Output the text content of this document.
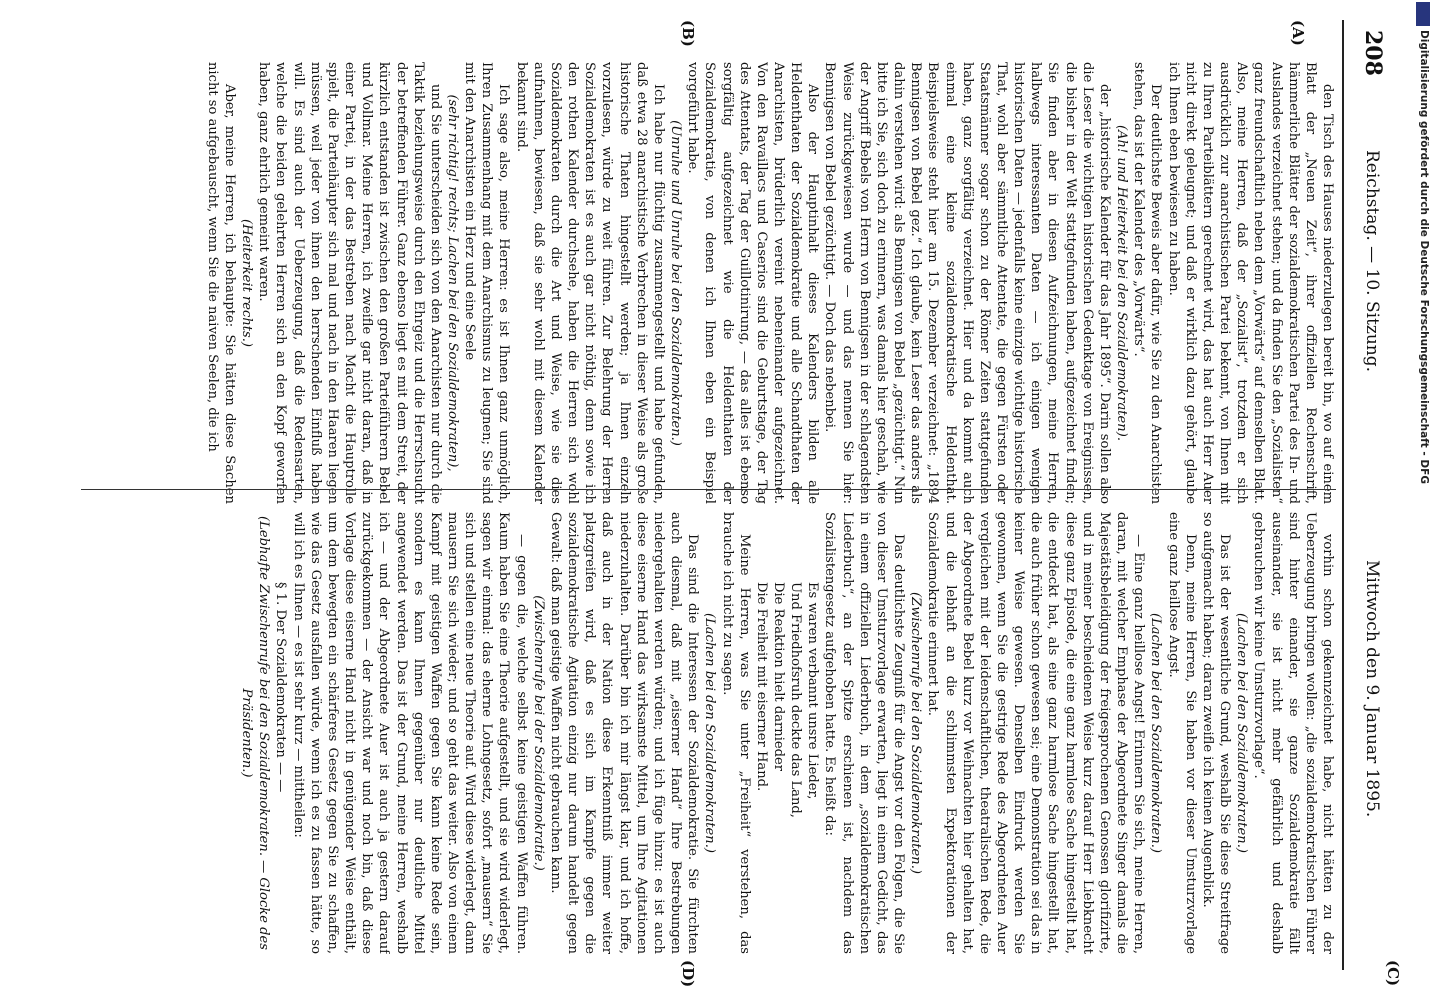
208
Reichstag. — 10. Sitzung.
Mittwoch den 9. Januar 1895.
(A)
(B)
(C)
(D)

den Tisch des Hauses niederzulegen bereit bin, wo auf einem Blatt der „Neuen Zeit“, ihrer offiziellen Rechenschrift, hämmerliche Blätter der sozialdemokratischen Partei des In- und Auslandes verzeichnet stehen; und da finden Sie den „Sozialisten“ ganz freundschaftlich neben dem „Vorwärts“ auf demselben Blatt. Also, meine Herren, daß der „Sozialist“, trotzdem er sich ausdrücklich zur anarchistischen Partei bekennt, von Ihnen mit zu Ihren Parteiblättern gerechnet wird, das hat auch Herr Auer nicht direkt geleugnet; und daß er wirklich dazu gehört, glaube ich Ihnen eben bewiesen zu haben.

Der deutlichste Beweis aber dafür, wie Sie zu den Anarchisten stehen, das ist der Kalender des „Vorwärts“.

(Ah! und Heiterkeit bei den Sozialdemokraten).

der „historische Kalender für das Jahr 1895“. Darin sollen also die Leser die wichtigen historischen Gedenktage von Ereignissen, die bisher in der Welt stattgefunden haben, aufgezeichnet finden; Sie finden aber in diesen Aufzeichnungen, meine Herren, halbwegs interessanten Daten — ich einigen wenigen historischen Daten — jedenfalls keine einzige wichtige historische That, wohl aber sämmtliche Attentate, die gegen Fürsten oder Staatsmänner sogar schon zu der Römer Zeiten stattgefunden haben, ganz sorgfältig verzeichnet. Hier und da kommt auch einmal eine kleine sozialdemokratische Heldenthat. Beispielsweise steht hier am 15. Dezember verzeichnet: „1894 Bennigsen von Bebel gez.“ Ich glaube, kein Leser das anders als dahin verstehen wird: als Bennigsen von Bebel „gezüchtigt.“ Nun bitte ich Sie, sich doch zu erinnern, was damals hier geschah, wie der Angriff Bebels von Herrn von Bennigsen in der schlagendsten Weise zurückgewiesen wurde — und das nennen Sie hier: Bennigsen von Bebel gezüchtigt. — Doch das nebenbei.

Also der Hauptinhalt dieses Kalenders bilden alle Heldenthaten der Sozialdemokratie und alle Schandthaten der Anarchisten, brüderlich vereint nebeneinander aufgezeichnet. Von den Ravaillacs und Caserios sind die Geburtstage, der Tag des Attentats, der Tag der Guillotinirung, — das alles ist ebenso sorgfältig aufgezeichnet wie die Heldenthaten der Sozialdemokratie, von denen ich Ihnen eben ein Beispiel vorgeführt habe.

(Unruhe und Unruhe bei den Sozialdemokraten.)

Ich habe nur flüchtig zusammengestellt und habe gefunden, daß etwa 28 anarchistische Verbrechen in dieser Weise als große historische Thaten hingestellt werden; ja Ihnen einzeln vorzulesen, würde zu weit führen. Zur Belehrung der Herren Sozialdemokraten ist es auch gar nicht nöthig, denn sowie ich den rothen Kalender durchsehe, haben die Herren sich wohl Sozialdemokraten durch die Art und Weise, wie sie dies aufnahmen, bewiesen, daß sie sehr wohl mit diesem Kalender bekannt sind.

Ich sage also, meine Herren: es ist Ihnen ganz unmöglich, Ihren Zusammenhang mit dem Anarchismus zu leugnen; Sie sind mit den Anarchisten ein Herz und eine Seele

(sehr richtig! rechts; Lachen bei den Sozialdemokraten),

und Sie unterscheiden sich von den Anarchisten nur durch die Taktik beziehungsweise durch den Ehrgeiz und die Herrschsucht der betreffenden Führer. Ganz ebenso liegt es mit dem Streit, der kürzlich entstanden ist zwischen den großen Parteiführern Bebel und Vollmar. Meine Herren, ich zweifle gar nicht daran, daß in einer Partei, in der das Bestreben nach Macht die Hauptrolle spielt, die Parteihäupter sich mal und nach in den Haaren liegen müssen, weil jeder von ihnen den herrschenden Einfluß haben will. Es sind auch der Ueberzeugung, daß die Redensarten, welche die beiden gelehrten Herren sich an den Kopf geworfen haben, ganz ehrlich gemeint waren.

(Heiterkeit rechts.)

Aber, meine Herren, ich behaupte: Sie hätten diese Sachen nicht so aufgebauscht, wenn Sie die naiven Seelen, die ich

vorhin schon gekennzeichnet habe, nicht hätten zu der Ueberzeugung bringen wollen: „die sozialdemokratischen Führer sind hinter einander, sie ganze Sozialdemokratie fällt auseinander, sie ist nicht mehr gefährlich und deshalb gebrauchen wir keine Umsturzvorlage“.

(Lachen bei den Sozialdemokraten.)

Das ist der wesentliche Grund, weshalb Sie diese Streitfrage so aufgemacht haben; daran zweifle ich keinen Augenblick.

Denn, meine Herren, Sie haben vor dieser Umsturzvorlage eine ganz heillose Angst.

(Lachen bei den Sozialdemokraten.)

— Eine ganz heillose Angst! Erinnern Sie sich, meine Herren, daran, mit welcher Emphase der Abgeordnete Singer damals die Majestätsbeleidigung der freigesprochenen Genossen glorifizirte, und in meiner bescheidenen Weise kurz darauf Herr Liebknecht diese ganz Episode, die eine ganz harmlose Sache hingestellt hat, die entdeckt hat, als eine ganz harmlose Sache hingestellt hat, die auch früher schon gewesen sei; eine Demonstration sei das in keiner Weise gewesen. Denselben Eindruck werden Sie gewonnen, wenn Sie die gestrige Rede des Abgeordneten Auer vergleichen mit der leidenschaftlichen, theatralischen Rede, die der Abgeordnete Bebel kurz vor Weihnachten hier gehalten hat, und die lebhaft an die schlimmsten Expektorationen der Sozialdemokratie erinnert hat.

(Zwischenrufe bei den Sozialdemokraten.)

Das deutlichste Zeugniß für die Angst vor den Folgen, die Sie von dieser Umsturzvorlage erwarten, liegt in einem Gedicht, das in einem offiziellen Liederbuch, in dem „sozialdemokratischen Liederbuch“, an der Spitze erschienen ist, nachdem das Sozialistengesetz aufgehoben hatte. Es heißt da:

Es waren verbannt unsre Lieder,

Und Friedhofsruh deckte das Land,

Die Reaktion hielt darnieder

Die Freiheit mit eiserner Hand.

Meine Herren, was Sie unter „Freiheit“ verstehen, das brauche ich nicht zu sagen.

(Lachen bei den Sozialdemokraten.)

Das sind die Interessen der Sozialdemokratie. Sie fürchten auch diesmal, daß mit „eiserner Hand“ Ihre Bestrebungen niedergehalten werden würden; und ich füge hinzu: es ist auch diese eiserne Hand das wirksamste Mittel, um Ihre Agitationen niederzuhalten. Darüber bin ich mir längst klar, und ich hoffe, daß auch in der Nation diese Erkenntniß immer weiter platzgreifen wird, daß es sich im Kampfe gegen die sozialdemokratische Agitation einzig nur darum handelt gegen Gewalt: daß man geistige Waffen nicht gebrauchen kann.

(Zwischenrufe bei der Sozialdemokratie.)

— gegen die, welche selbst keine geistigen Waffen führen. Kaum haben Sie eine Theorie aufgestellt, und sie wird widerlegt, sagen wir einmal: das eherne Lohngesetz, sofort „mausern“ Sie sich und stellen eine neue Theorie auf. Wird diese widerlegt, dann mausern Sie sich wieder; und so geht das weiter. Also von einem Kampf mit geistigen Waffen gegen Sie kann keine Rede sein, sondern es kann Ihnen gegenüber nur deutliche Mittel angewendet werden. Das ist der Grund, meine Herren, weshalb ich — und der Abgeordnete Auer ist auch ja gestern darauf zurückgekommen — der Ansicht war und noch bin, daß diese Vorlage diese eiserne Hand nicht in genügender Weise enthält, um dem bewegten ein schärferes Gesetz gegen Sie zu schaffen, wie das Gesetz ausfallen würde, wenn ich es zu fassen hätte, so will ich es Ihnen — es ist sehr kurz — mittheilen:

§ 1. Der Sozialdemokraten — —

(Lebhafte Zwischenrufe bei den Sozialdemokraten. — Glocke des Präsidenten.)

Digitalisierung gefördert durch die Deutsche Forschungsgemeinschaft - DFG
